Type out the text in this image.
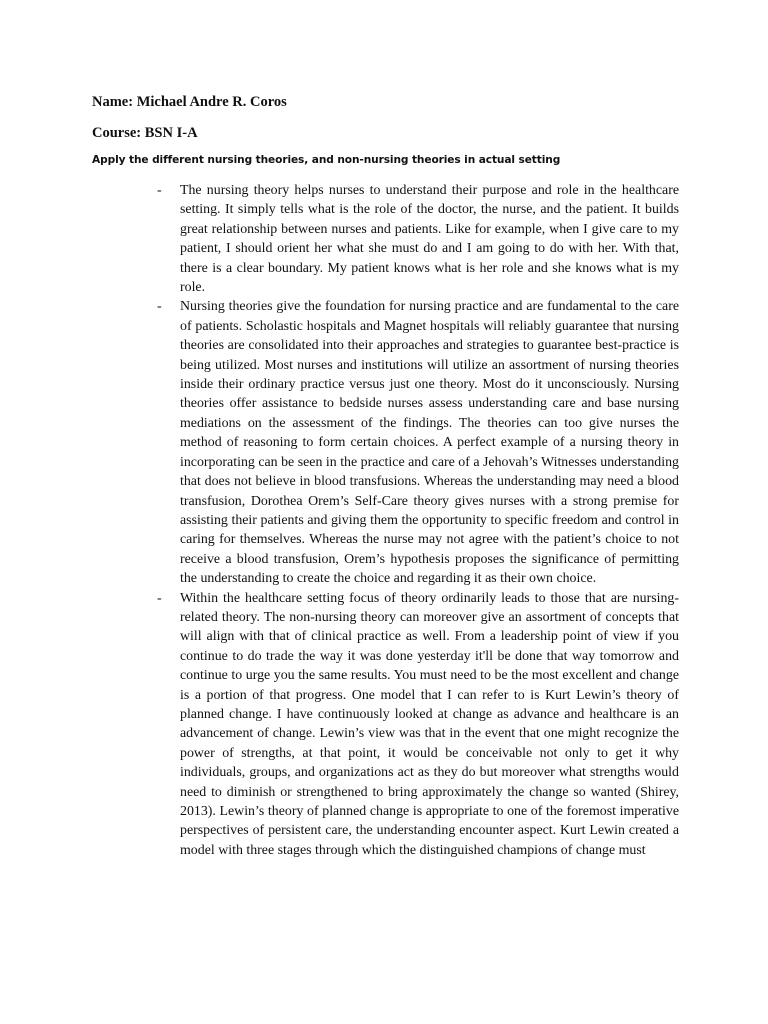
Name: Michael Andre R. Coros
Course: BSN I-A
Apply the different nursing theories, and non-nursing theories in actual setting
- The nursing theory helps nurses to understand their purpose and role in the healthcare setting. It simply tells what is the role of the doctor, the nurse, and the patient. It builds great relationship between nurses and patients. Like for example, when I give care to my patient, I should orient her what she must do and I am going to do with her. With that, there is a clear boundary. My patient knows what is her role and she knows what is my role.

- Nursing theories give the foundation for nursing practice and are fundamental to the care of patients. Scholastic hospitals and Magnet hospitals will reliably guarantee that nursing theories are consolidated into their approaches and strategies to guarantee best-practice is being utilized. Most nurses and institutions will utilize an assortment of nursing theories inside their ordinary practice versus just one theory. Most do it unconsciously. Nursing theories offer assistance to bedside nurses assess understanding care and base nursing mediations on the assessment of the findings. The theories can too give nurses the method of reasoning to form certain choices. A perfect example of a nursing theory in incorporating can be seen in the practice and care of a Jehovah’s Witnesses understanding that does not believe in blood transfusions. Whereas the understanding may need a blood transfusion, Dorothea Orem’s Self-Care theory gives nurses with a strong premise for assisting their patients and giving them the opportunity to specific freedom and control in caring for themselves. Whereas the nurse may not agree with the patient’s choice to not receive a blood transfusion, Orem’s hypothesis proposes the significance of permitting the understanding to create the choice and regarding it as their own choice.

- Within the healthcare setting focus of theory ordinarily leads to those that are nursing-related theory. The non-nursing theory can moreover give an assortment of concepts that will align with that of clinical practice as well. From a leadership point of view if you continue to do trade the way it was done yesterday it'll be done that way tomorrow and continue to urge you the same results. You must need to be the most excellent and change is a portion of that progress. One model that I can refer to is Kurt Lewin’s theory of planned change. I have continuously looked at change as advance and healthcare is an advancement of change. Lewin’s view was that in the event that one might recognize the power of strengths, at that point, it would be conceivable not only to get it why individuals, groups, and organizations act as they do but moreover what strengths would need to diminish or strengthened to bring approximately the change so wanted (Shirey, 2013). Lewin’s theory of planned change is appropriate to one of the foremost imperative perspectives of persistent care, the understanding encounter aspect. Kurt Lewin created a model with three stages through which the distinguished champions of change must
